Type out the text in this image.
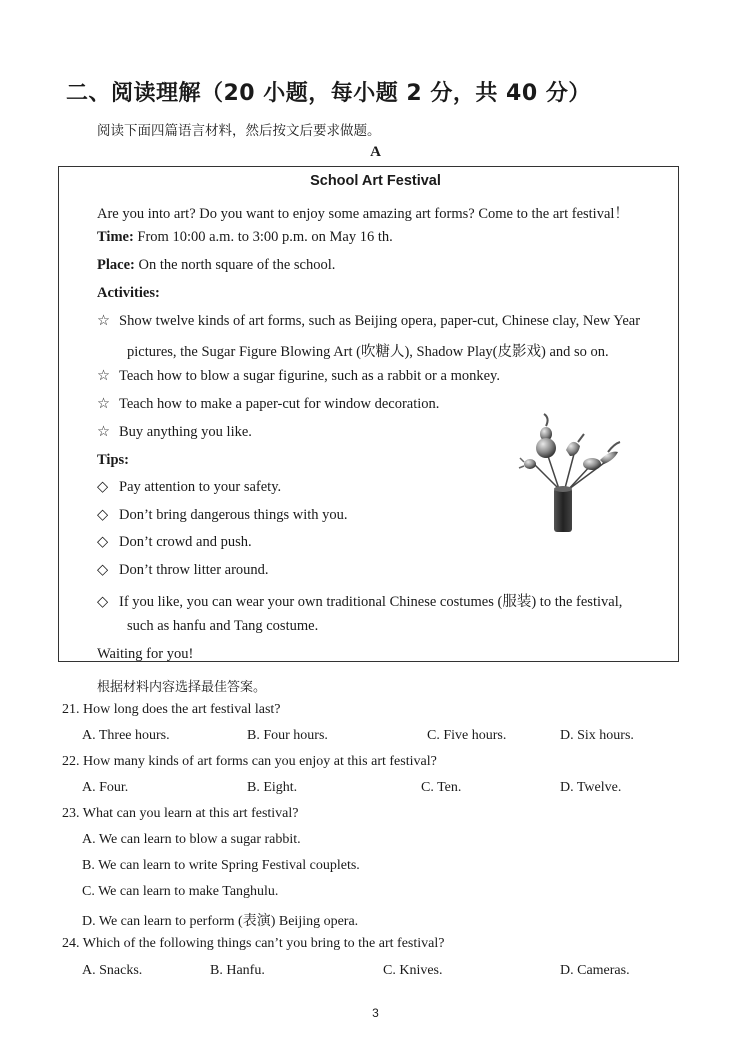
二、阅读理解（20 小题，每小题 2 分，共 40 分）
阅读下面四篇语言材料，然后按文后要求做题。
A
School Art Festival
Are you into art? Do you want to enjoy some amazing art forms? Come to the art festival！
Time: From 10:00 a.m. to 3:00 p.m. on May 16 th.
Place: On the north square of the school.
Activities:
☆ Show twelve kinds of art forms, such as Beijing opera, paper-cut, Chinese clay, New Year
pictures, the Sugar Figure Blowing Art (吹糖人), Shadow Play(皮影戏) and so on.
☆ Teach how to blow a sugar figurine, such as a rabbit or a monkey.
☆ Teach how to make a paper-cut for window decoration.
☆ Buy anything you like.
Tips:
◇ Pay attention to your safety.
◇ Don’t bring dangerous things with you.
◇ Don’t crowd and push.
◇ Don’t throw litter around.
◇ If you like, you can wear your own traditional Chinese costumes (服装) to the festival,
such as hanfu and Tang costume.
Waiting for you!
根据材料内容选择最佳答案。
21. How long does the art festival last?
A. Three hours.	B. Four hours.	C. Five hours.	D. Six hours.
22. How many kinds of art forms can you enjoy at this art festival?
A. Four.	B. Eight.	C. Ten.	D. Twelve.
23. What can you learn at this art festival?
A. We can learn to blow a sugar rabbit.
B. We can learn to write Spring Festival couplets.
C. We can learn to make Tanghulu.
D. We can learn to perform (表演) Beijing opera.
24. Which of the following things can’t you bring to the art festival?
A. Snacks.	B. Hanfu.	C. Knives.	D. Cameras.
3
